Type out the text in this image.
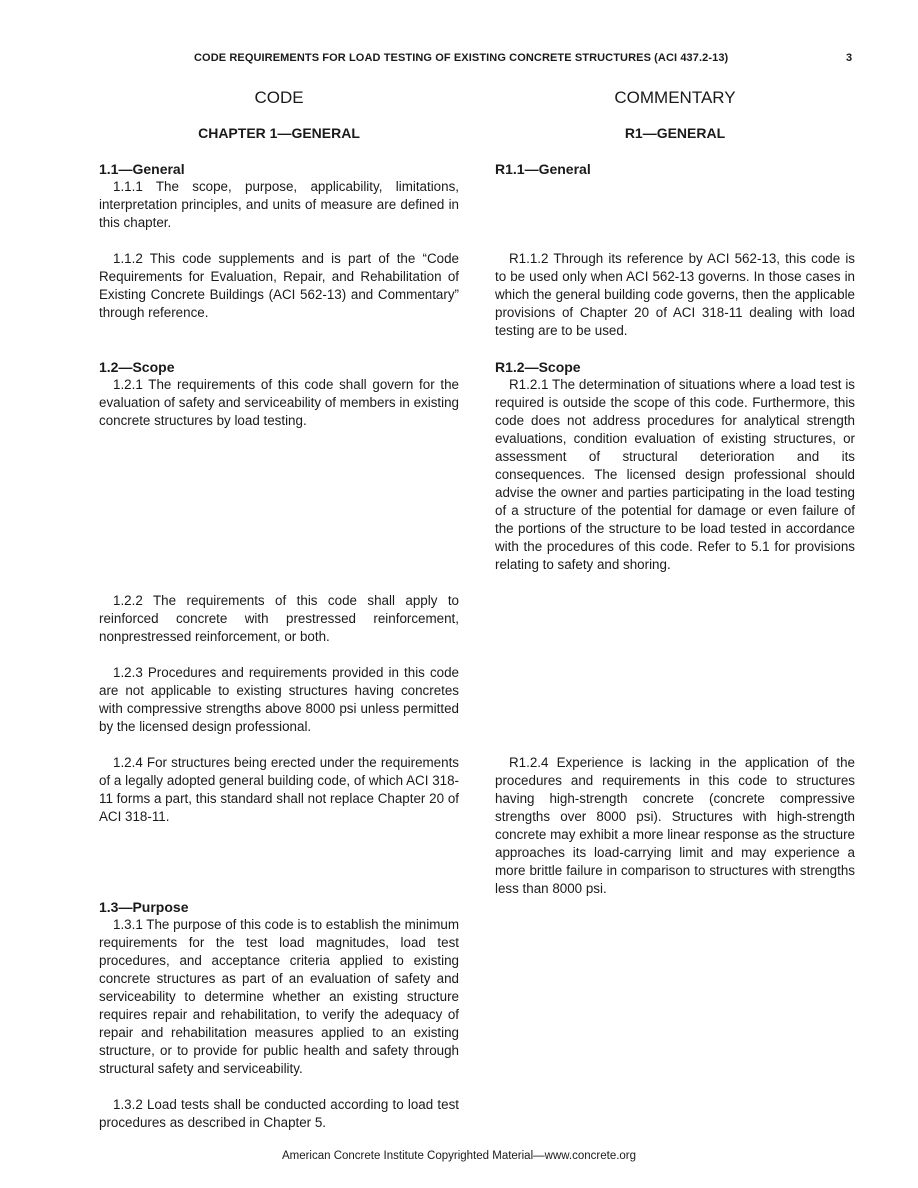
CODE REQUIREMENTS FOR LOAD TESTING OF EXISTING CONCRETE STRUCTURES (ACI 437.2-13)	3
CODE	COMMENTARY
CHAPTER 1—GENERAL	R1—GENERAL
1.1—General

1.1.1 The scope, purpose, applicability, limitations, interpretation principles, and units of measure are defined in this chapter.

1.1.2 This code supplements and is part of the “Code Requirements for Evaluation, Repair, and Rehabilitation of Existing Concrete Buildings (ACI 562-13) and Commentary” through reference.

1.2—Scope

1.2.1 The requirements of this code shall govern for the evaluation of safety and serviceability of members in existing concrete structures by load testing.

1.2.2 The requirements of this code shall apply to reinforced concrete with prestressed reinforcement, nonprestressed reinforcement, or both.

1.2.3 Procedures and requirements provided in this code are not applicable to existing structures having concretes with compressive strengths above 8000 psi unless permitted by the licensed design professional.

1.2.4 For structures being erected under the requirements of a legally adopted general building code, of which ACI 318-11 forms a part, this standard shall not replace Chapter 20 of ACI 318-11.

1.3—Purpose

1.3.1 The purpose of this code is to establish the minimum requirements for the test load magnitudes, load test procedures, and acceptance criteria applied to existing concrete structures as part of an evaluation of safety and serviceability to determine whether an existing structure requires repair and rehabilitation, to verify the adequacy of repair and rehabilitation measures applied to an existing structure, or to provide for public health and safety through structural safety and serviceability.

1.3.2 Load tests shall be conducted according to load test procedures as described in Chapter 5.

R1.1—General

R1.1.2 Through its reference by ACI 562-13, this code is to be used only when ACI 562-13 governs. In those cases in which the general building code governs, then the applicable provisions of Chapter 20 of ACI 318-11 dealing with load testing are to be used.

R1.2—Scope

R1.2.1 The determination of situations where a load test is required is outside the scope of this code. Furthermore, this code does not address procedures for analytical strength evaluations, condition evaluation of existing structures, or assessment of structural deterioration and its consequences. The licensed design professional should advise the owner and parties participating in the load testing of a structure of the potential for damage or even failure of the portions of the structure to be load tested in accordance with the procedures of this code. Refer to 5.1 for provisions relating to safety and shoring.

R1.2.4 Experience is lacking in the application of the procedures and requirements in this code to structures having high-strength concrete (concrete compressive strengths over 8000 psi). Structures with high-strength concrete may exhibit a more linear response as the structure approaches its load-carrying limit and may experience a more brittle failure in comparison to structures with strengths less than 8000 psi.

American Concrete Institute Copyrighted Material—www.concrete.org
